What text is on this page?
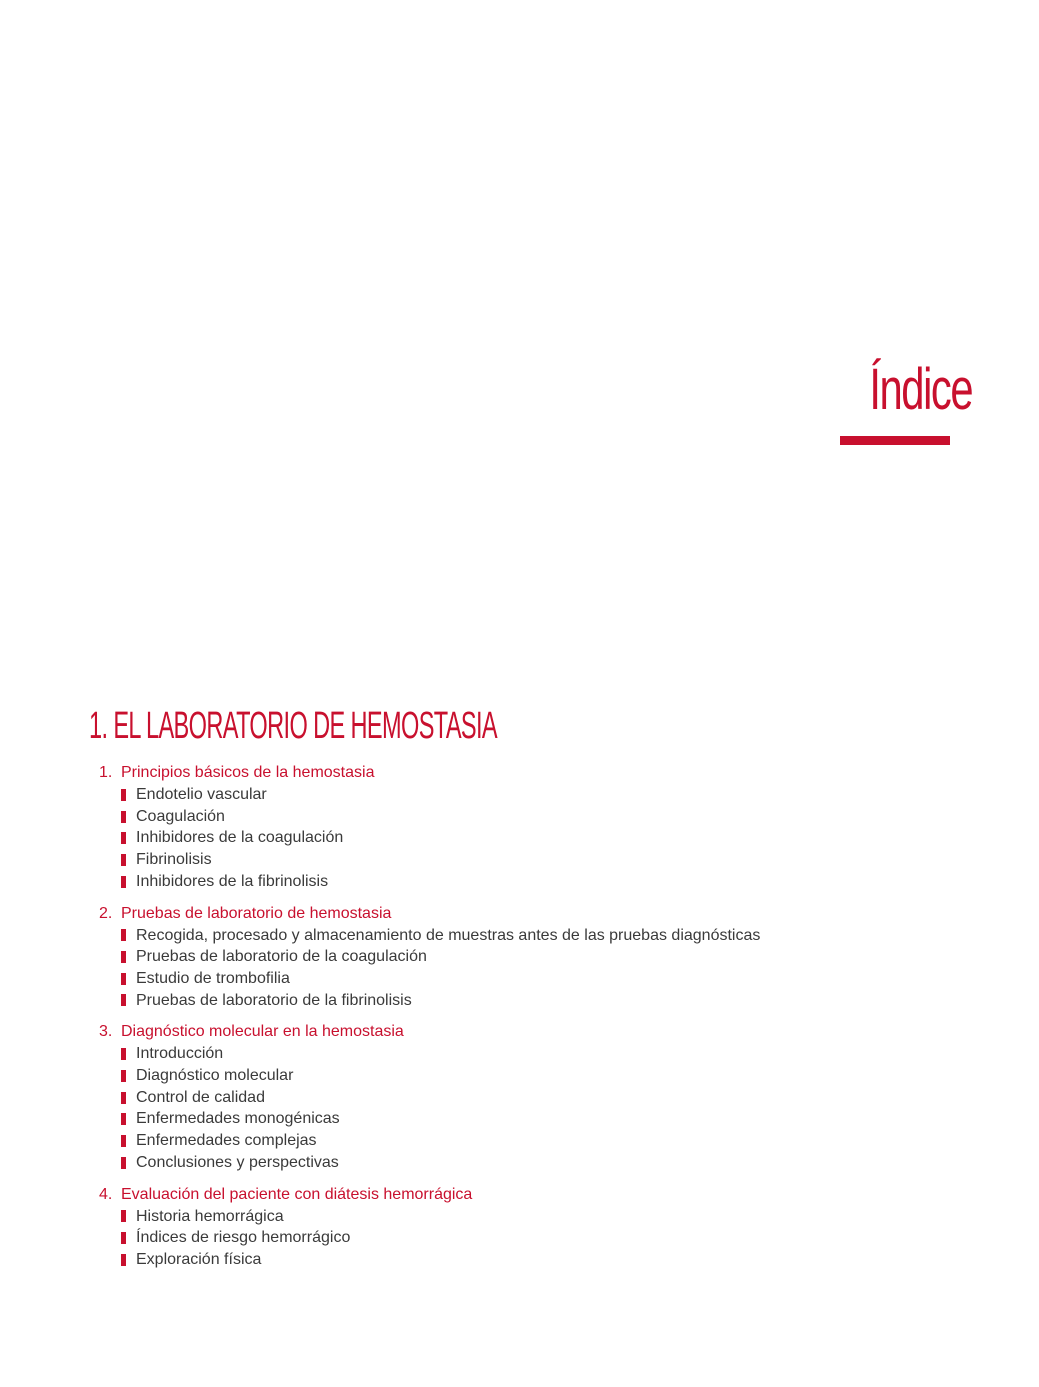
Índice
1. EL LABORATORIO DE HEMOSTASIA
1. Principios básicos de la hemostasia
Endotelio vascular
Coagulación
Inhibidores de la coagulación
Fibrinolisis
Inhibidores de la fibrinolisis
2. Pruebas de laboratorio de hemostasia
Recogida, procesado y almacenamiento de muestras antes de las pruebas diagnósticas
Pruebas de laboratorio de la coagulación
Estudio de trombofilia
Pruebas de laboratorio de la fibrinolisis
3. Diagnóstico molecular en la hemostasia
Introducción
Diagnóstico molecular
Control de calidad
Enfermedades monogénicas
Enfermedades complejas
Conclusiones y perspectivas
4. Evaluación del paciente con diátesis hemorrágica
Historia hemorrágica
Índices de riesgo hemorrágico
Exploración física
